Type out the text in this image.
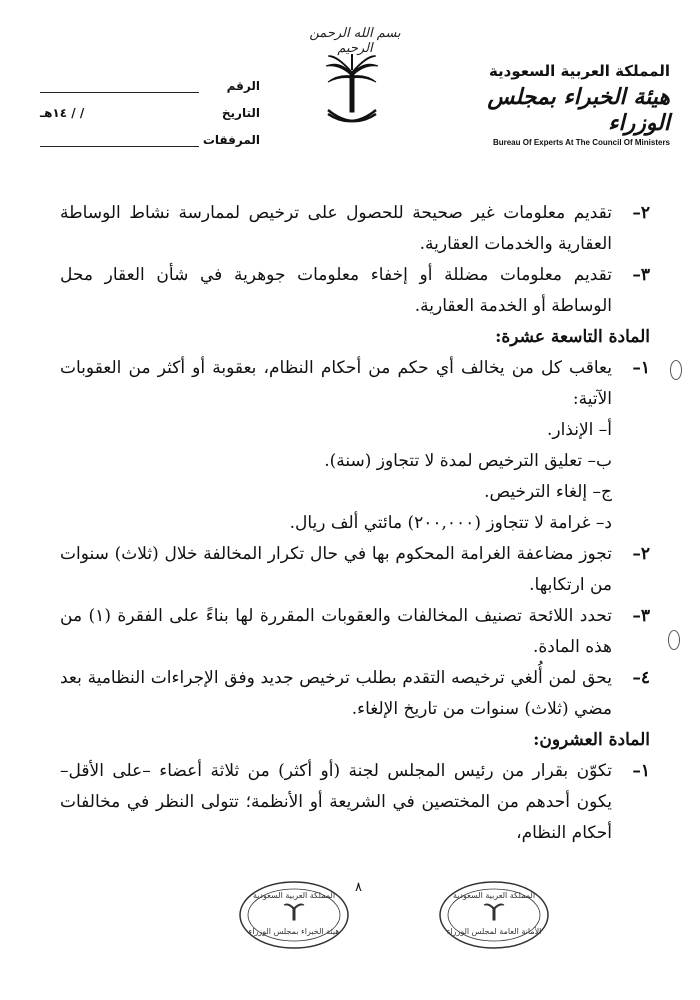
بسم الله الرحمن الرحيم
الرقم
التاريخ
/ / ١٤هـ
المرفقات
المملكة العربية السعودية
هيئة الخبراء بمجلس الوزراء
Bureau Of Experts At The Council Of Ministers
٢–
تقديم معلومات غير صحيحة للحصول على ترخيص لممارسة نشاط الوساطة العقارية والخدمات العقارية.
٣–
تقديم معلومات مضللة أو إخفاء معلومات جوهرية في شأن العقار محل الوساطة أو الخدمة العقارية.
المادة التاسعة عشرة:
١–
يعاقب كل من يخالف أي حكم من أحكام النظام، بعقوبة أو أكثر من العقوبات الآتية:
أ– الإنذار.
ب– تعليق الترخيص لمدة لا تتجاوز (سنة).
ج– إلغاء الترخيص.
د– غرامة لا تتجاوز (٢٠٠,٠٠٠) مائتي ألف ريال.
٢–
تجوز مضاعفة الغرامة المحكوم بها في حال تكرار المخالفة خلال (ثلاث) سنوات من ارتكابها.
٣–
تحدد اللائحة تصنيف المخالفات والعقوبات المقررة لها بناءً على الفقرة (١) من هذه المادة.
٤–
يحق لمن أُلغي ترخيصه التقدم بطلب ترخيص جديد وفق الإجراءات النظامية بعد مضي (ثلاث) سنوات من تاريخ الإلغاء.
المادة العشرون:
١–
تكوّن بقرار من رئيس المجلس لجنة (أو أكثر) من ثلاثة أعضاء –على الأقل– يكون أحدهم من المختصين في الشريعة أو الأنظمة؛ تتولى النظر في مخالفات أحكام النظام،
٨
المملكة العربية السعودية
هيئة الخبراء بمجلس الوزراء
المملكة العربية السعودية
الأمانة العامة لمجلس الوزراء
